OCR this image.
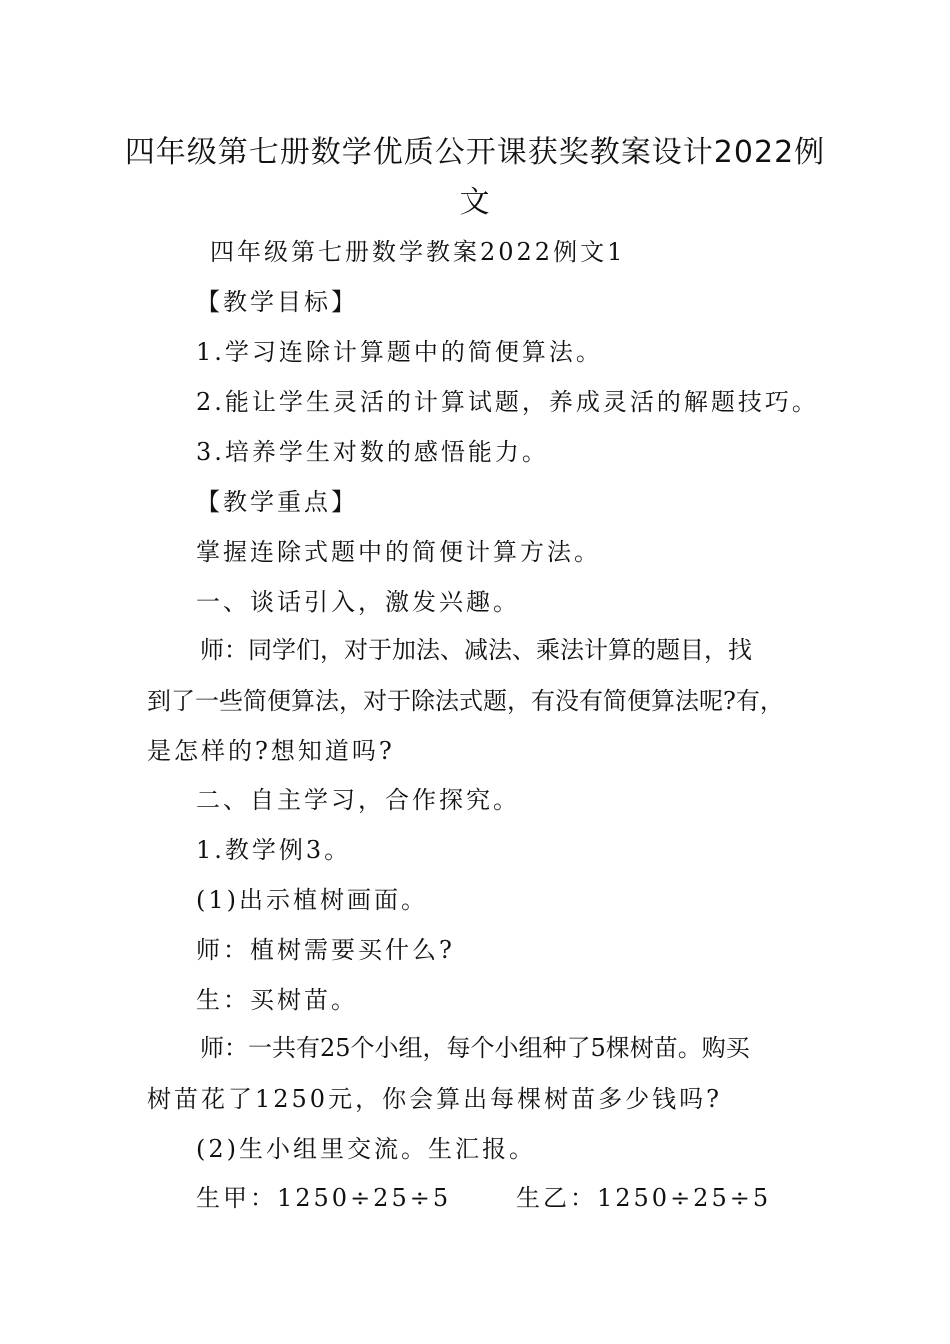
四年级第七册数学优质公开课获奖教案设计2022例
文
四年级第七册数学教案2022例文1
【教学目标】
1.学习连除计算题中的简便算法。
2.能让学生灵活的计算试题，养成灵活的解题技巧。
3.培养学生对数的感悟能力。
【教学重点】
掌握连除式题中的简便计算方法。
一、谈话引入，激发兴趣。
师：同学们，对于加法、减法、乘法计算的题目，找
到了一些简便算法，对于除法式题，有没有简便算法呢?有，
是怎样的?想知道吗?
二、自主学习，合作探究。
1.教学例3。
(1)出示植树画面。
师：植树需要买什么?
生：买树苗。
师：一共有25个小组，每个小组种了5棵树苗。购买
树苗花了1250元，你会算出每棵树苗多少钱吗?
(2)生小组里交流。生汇报。
生甲：1250÷25÷5	生乙：1250÷25÷5
